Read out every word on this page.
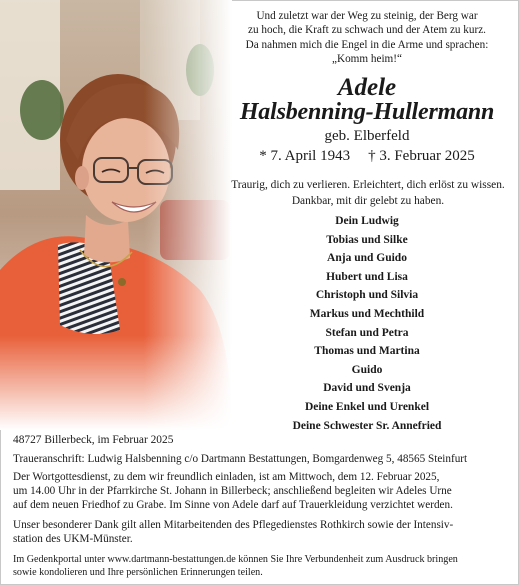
Und zuletzt war der Weg zu steinig, der Berg war
zu hoch, die Kraft zu schwach und der Atem zu kurz.
Da nahmen mich die Engel in die Arme und sprachen:
„Komm heim!“
Adele
Halsbenning-Hullermann
geb. Elberfeld
* 7. April 1943 † 3. Februar 2025
Traurig, dich zu verlieren. Erleichtert, dich erlöst zu wissen.
Dankbar, mit dir gelebt zu haben.
Dein Ludwig
Tobias und Silke
Anja und Guido
Hubert und Lisa
Christoph und Silvia
Markus und Mechthild
Stefan und Petra
Thomas und Martina
Guido
David und Svenja
Deine Enkel und Urenkel
Deine Schwester Sr. Annefried
48727 Billerbeck, im Februar 2025
Traueranschrift: Ludwig Halsbenning c/o Dartmann Bestattungen, Bomgardenweg 5, 48565 Steinfurt
Der Wortgottesdienst, zu dem wir freundlich einladen, ist am Mittwoch, dem 12. Februar 2025,
um 14.00 Uhr in der Pfarrkirche St. Johann in Billerbeck; anschließend begleiten wir Adeles Urne
auf dem neuen Friedhof zu Grabe. Im Sinne von Adele darf auf Trauerkleidung verzichtet werden.
Unser besonderer Dank gilt allen Mitarbeitenden des Pflegedienstes Rothkirch sowie der Intensiv-
station des UKM-Münster.
Im Gedenkportal unter www.dartmann-bestattungen.de können Sie Ihre Verbundenheit zum Ausdruck bringen
sowie kondolieren und Ihre persönlichen Erinnerungen teilen.
